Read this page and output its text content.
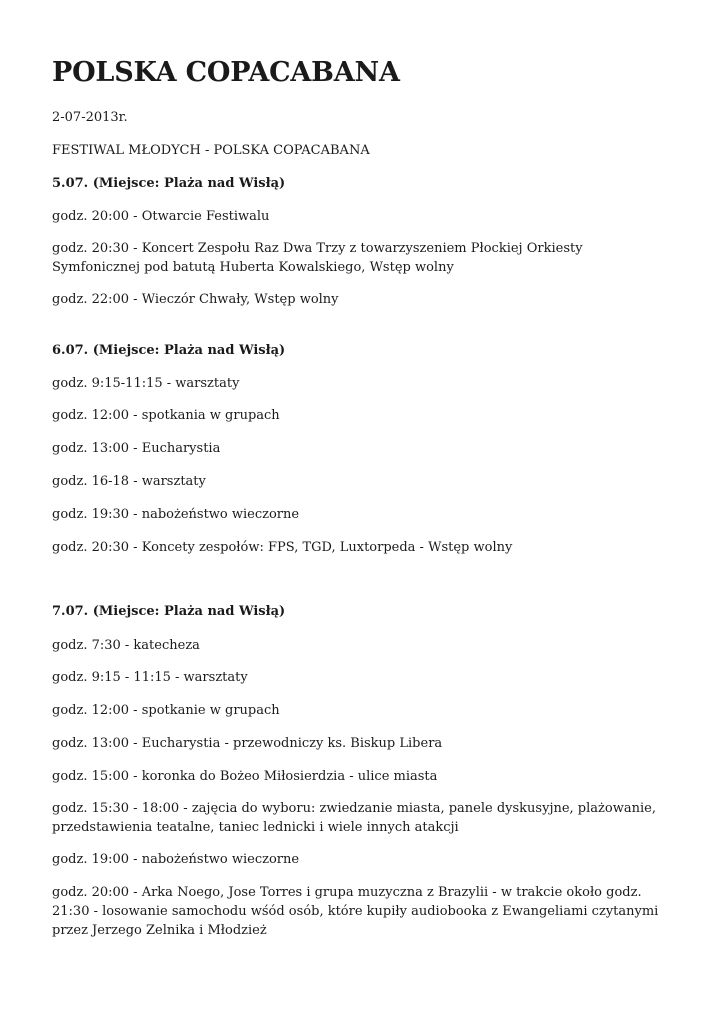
POLSKA COPACABANA

2-07-2013r.

FESTIWAL MŁODYCH - POLSKA COPACABANA

5.07. (Miejsce: Plaża nad Wisłą)

godz. 20:00 - Otwarcie Festiwalu

godz. 20:30 - Koncert Zespołu Raz Dwa Trzy z towarzyszeniem Płockiej Orkiesty Symfonicznej pod batutą Huberta Kowalskiego, Wstęp wolny

godz. 22:00 - Wieczór Chwały, Wstęp wolny

6.07. (Miejsce: Plaża nad Wisłą)

godz. 9:15-11:15 - warsztaty

godz. 12:00 - spotkania w grupach

godz. 13:00 - Eucharystia

godz. 16-18 - warsztaty

godz. 19:30 - nabożeństwo wieczorne

godz. 20:30 - Koncety zespołów: FPS, TGD, Luxtorpeda - Wstęp wolny

7.07. (Miejsce: Plaża nad Wisłą)

godz. 7:30 - katecheza

godz. 9:15 - 11:15 - warsztaty

godz. 12:00 - spotkanie w grupach

godz. 13:00 - Eucharystia - przewodniczy ks. Biskup Libera

godz. 15:00 - koronka do Bożeo Miłosierdzia - ulice miasta

godz. 15:30 - 18:00 - zajęcia do wyboru: zwiedzanie miasta, panele dyskusyjne, plażowanie, przedstawienia teatalne, taniec lednicki i wiele innych atakcji

godz. 19:00 - nabożeństwo wieczorne

godz. 20:00 - Arka Noego, Jose Torres i grupa muzyczna z Brazylii - w trakcie około godz. 21:30 - losowanie samochodu wśód osób, które kupiły audiobooka z Ewangeliami czytanymi przez Jerzego Zelnika i Młodzież
